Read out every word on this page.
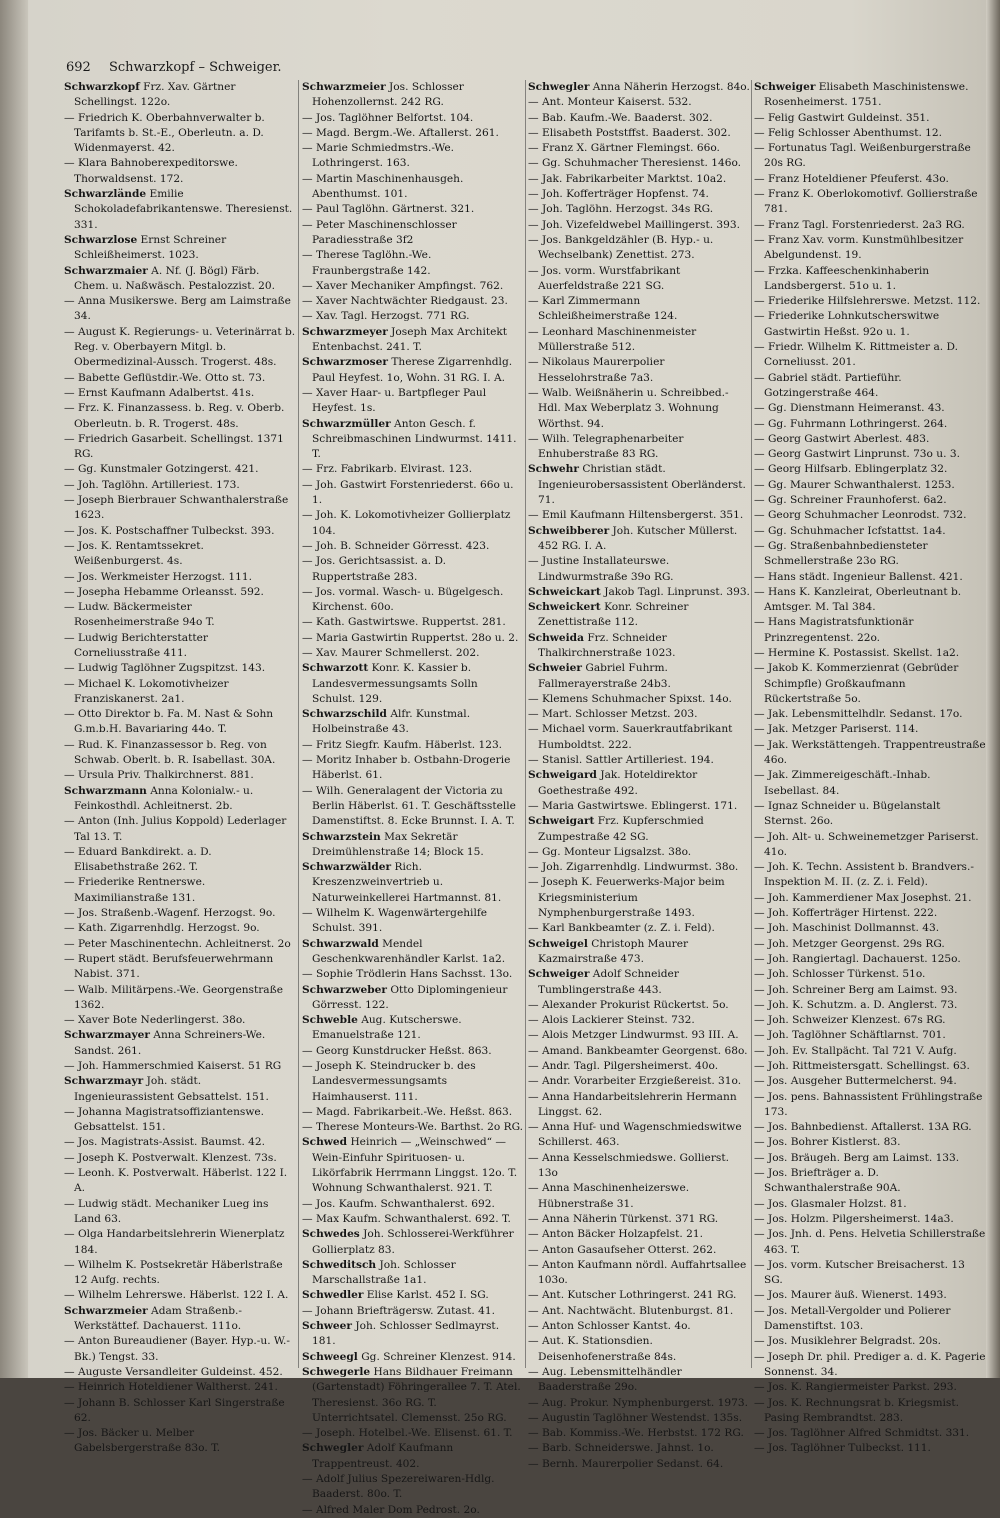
692 Schwarzkopf – Schweiger.

Schwarzkopf Frz. Xav. Gärtner Schellingst. 122o.

— Friedrich K. Oberbahnverwalter b. Tarifamts b. St.-E., Oberleutn. a. D. Widenmayerst. 42.

— Klara Bahnoberexpeditorswe. Thorwaldsenst. 172.

Schwarzlände Emilie Schokoladefabrikantenswe. Theresienst. 331.

Schwarzlose Ernst Schreiner Schleißheimerst. 1023.

Schwarzmaier A. Nf. (J. Bögl) Färb. Chem. u. Naßwäsch. Pestalozzist. 20.

— Anna Musikerswe. Berg am Laimstraße 34.

— August K. Regierungs- u. Veterinärrat b. Reg. v. Oberbayern Mitgl. b. Obermedizinal-Aussch. Trogerst. 48s.

— Babette Geflüstdir.-We. Otto st. 73.

— Ernst Kaufmann Adalbertst. 41s.

— Frz. K. Finanzassess. b. Reg. v. Oberb. Oberleutn. b. R. Trogerst. 48s.

— Friedrich Gasarbeit. Schellingst. 1371 RG.

— Gg. Kunstmaler Gotzingerst. 421.

— Joh. Taglöhn. Artilleriest. 173.

— Joseph Bierbrauer Schwanthalerstraße 1623.

— Jos. K. Postschaffner Tulbeckst. 393.

— Jos. K. Rentamtssekret. Weißenburgerst. 4s.

— Jos. Werkmeister Herzogst. 111.

— Josepha Hebamme Orleansst. 592.

— Ludw. Bäckermeister Rosenheimerstraße 94o T.

— Ludwig Berichterstatter Corneliusstraße 411.

— Ludwig Taglöhner Zugspitzst. 143.

— Michael K. Lokomotivheizer Franziskanerst. 2a1.

— Otto Direktor b. Fa. M. Nast & Sohn G.m.b.H. Bavariaring 44o. T.

— Rud. K. Finanzassessor b. Reg. von Schwab. Oberlt. b. R. Isabellast. 30A.

— Ursula Priv. Thalkirchnerst. 881.

Schwarzmann Anna Kolonialw.- u. Feinkosthdl. Achleitnerst. 2b.

— Anton (Inh. Julius Koppold) Lederlager Tal 13. T.

— Eduard Bankdirekt. a. D. Elisabethstraße 262. T.

— Friederike Rentnerswe. Maximilianstraße 131.

— Jos. Straßenb.-Wagenf. Herzogst. 9o.

— Kath. Zigarrenhdlg. Herzogst. 9o.

— Peter Maschinentechn. Achleitnerst. 2o

— Rupert städt. Berufsfeuerwehrmann Nabist. 371.

— Walb. Militärpens.-We. Georgenstraße 1362.

— Xaver Bote Nederlingerst. 38o.

Schwarzmayer Anna Schreiners-We. Sandst. 261.

— Joh. Hammerschmied Kaiserst. 51 RG

Schwarzmayr Joh. städt. Ingenieurassistent Gebsattelst. 151.

— Johanna Magistratsoffiziantenswe. Gebsattelst. 151.

— Jos. Magistrats-Assist. Baumst. 42.

— Joseph K. Postverwalt. Klenzest. 73s.

— Leonh. K. Postverwalt. Häberlst. 122 I. A.

— Ludwig städt. Mechaniker Lueg ins Land 63.

— Olga Handarbeitslehrerin Wienerplatz 184.

— Wilhelm K. Postsekretär Häberlstraße 12 Aufg. rechts.

— Wilhelm Lehrerswe. Häberlst. 122 I. A.

Schwarzmeier Adam Straßenb.-Werkstättef. Dachauerst. 111o.

— Anton Bureaudiener (Bayer. Hyp.-u. W.-Bk.) Tengst. 33.

— Auguste Versandleiter Guldeinst. 452.

— Heinrich Hoteldiener Waltherst. 241.

— Johann B. Schlosser Karl Singerstraße 62.

— Jos. Bäcker u. Melber Gabelsbergerstraße 83o. T.

Schwarzmeier Jos. Schlosser Hohenzollernst. 242 RG.

— Jos. Taglöhner Belfortst. 104.

— Magd. Bergm.-We. Aftallerst. 261.

— Marie Schmiedmstrs.-We. Lothringerst. 163.

— Martin Maschinenhausgeh. Abenthumst. 101.

— Paul Taglöhn. Gärtnerst. 321.

— Peter Maschinenschlosser Paradiesstraße 3f2

— Therese Taglöhn.-We. Fraunbergstraße 142.

— Xaver Mechaniker Ampfingst. 762.

— Xaver Nachtwächter Riedgaust. 23.

— Xav. Tagl. Herzogst. 771 RG.

Schwarzmeyer Joseph Max Architekt Entenbachst. 241. T.

Schwarzmoser Therese Zigarrenhdlg. Paul Heyfest. 1o, Wohn. 31 RG. I. A.

— Xaver Haar- u. Bartpfleger Paul Heyfest. 1s.

Schwarzmüller Anton Gesch. f. Schreibmaschinen Lindwurmst. 1411. T.

— Frz. Fabrikarb. Elvirast. 123.

— Joh. Gastwirt Forstenriederst. 66o u. 1.

— Joh. K. Lokomotivheizer Gollierplatz 104.

— Joh. B. Schneider Görresst. 423.

— Jos. Gerichtsassist. a. D. Ruppertstraße 283.

— Jos. vormal. Wasch- u. Bügelgesch. Kirchenst. 60o.

— Kath. Gastwirtswe. Ruppertst. 281.

— Maria Gastwirtin Ruppertst. 28o u. 2.

— Xav. Maurer Schmellerst. 202.

Schwarzott Konr. K. Kassier b. Landesvermessungsamts Solln Schulst. 129.

Schwarzschild Alfr. Kunstmal. Holbeinstraße 43.

— Fritz Siegfr. Kaufm. Häberlst. 123.

— Moritz Inhaber b. Ostbahn-Drogerie Häberlst. 61.

— Wilh. Generalagent der Victoria zu Berlin Häberlst. 61. T. Geschäftsstelle Damenstiftst. 8. Ecke Brunnst. I. A. T.

Schwarzstein Max Sekretär Dreimühlenstraße 14; Block 15.

Schwarzwälder Rich. Kreszenzweinvertrieb u. Naturweinkellerei Hartmannst. 81.

— Wilhelm K. Wagenwärtergehilfe Schulst. 391.

Schwarzwald Mendel Geschenkwarenhändler Karlst. 1a2.

— Sophie Trödlerin Hans Sachsst. 13o.

Schwarzweber Otto Diplomingenieur Görresst. 122.

Schweble Aug. Kutscherswe. Emanuelstraße 121.

— Georg Kunstdrucker Heßst. 863.

— Joseph K. Steindrucker b. des Landesvermessungsamts Haimhauserst. 111.

— Magd. Fabrikarbeit.-We. Heßst. 863.

— Therese Monteurs-We. Barthst. 2o RG.

Schwed Heinrich — „Weinschwed“ — Wein-Einfuhr Spirituosen- u. Likörfabrik Herrmann Linggst. 12o. T. Wohnung Schwanthalerst. 921. T.

— Jos. Kaufm. Schwanthalerst. 692.

— Max Kaufm. Schwanthalerst. 692. T.

Schwedes Joh. Schlosserei-Werkführer Gollierplatz 83.

Schweditsch Joh. Schlosser Marschallstraße 1a1.

Schwedler Elise Karlst. 452 I. SG.

— Johann Briefträgersw. Zutast. 41.

Schweer Joh. Schlosser Sedlmayrst. 181.

Schweegl Gg. Schreiner Klenzest. 914.

Schwegerle Hans Bildhauer Freimann (Gartenstadt) Föhringerallee 7. T. Atel. Theresienst. 36o RG. T. Unterrichtsatel. Clemensst. 25o RG.

— Joseph. Hotelbel.-We. Elisenst. 61. T.

Schwegler Adolf Kaufmann Trappentreust. 402.

— Adolf Julius Spezereiwaren-Hdlg. Baaderst. 80o. T.

— Alfred Maler Dom Pedrost. 2o.

Schwegler Anna Näherin Herzogst. 84o.

— Ant. Monteur Kaiserst. 532.

— Bab. Kaufm.-We. Baaderst. 302.

— Elisabeth Poststffst. Baaderst. 302.

— Franz X. Gärtner Flemingst. 66o.

— Gg. Schuhmacher Theresienst. 146o.

— Jak. Fabrikarbeiter Marktst. 10a2.

— Joh. Kofferträger Hopfenst. 74.

— Joh. Taglöhn. Herzogst. 34s RG.

— Joh. Vizefeldwebel Maillingerst. 393.

— Jos. Bankgeldzähler (B. Hyp.- u. Wechselbank) Zenettist. 273.

— Jos. vorm. Wurstfabrikant Auerfeldstraße 221 SG.

— Karl Zimmermann Schleißheimerstraße 124.

— Leonhard Maschinenmeister Müllerstraße 512.

— Nikolaus Maurerpolier Hesselohrstraße 7a3.

— Walb. Weißnäherin u. Schreibbed.-Hdl. Max Weberplatz 3. Wohnung Wörthst. 94.

— Wilh. Telegraphenarbeiter Enhuberstraße 83 RG.

Schwehr Christian städt. Ingenieurobersassistent Oberländerst. 71.

— Emil Kaufmann Hiltensbergerst. 351.

Schweibberer Joh. Kutscher Müllerst. 452 RG. I. A.

— Justine Installateurswe. Lindwurmstraße 39o RG.

Schweickart Jakob Tagl. Linprunst. 393.

Schweickert Konr. Schreiner Zenettistraße 112.

Schweida Frz. Schneider Thalkirchnerstraße 1023.

Schweier Gabriel Fuhrm. Fallmerayerstraße 24b3.

— Klemens Schuhmacher Spixst. 14o.

— Mart. Schlosser Metzst. 203.

— Michael vorm. Sauerkrautfabrikant Humboldtst. 222.

— Stanisl. Sattler Artilleriest. 194.

Schweigard Jak. Hoteldirektor Goethestraße 492.

— Maria Gastwirtswe. Eblingerst. 171.

Schweigart Frz. Kupferschmied Zumpestraße 42 SG.

— Gg. Monteur Ligsalzst. 38o.

— Joh. Zigarrenhdlg. Lindwurmst. 38o.

— Joseph K. Feuerwerks-Major beim Kriegsministerium Nymphenburgerstraße 1493.

— Karl Bankbeamter (z. Z. i. Feld).

Schweigel Christoph Maurer Kazmairstraße 473.

Schweiger Adolf Schneider Tumblingerstraße 443.

— Alexander Prokurist Rückertst. 5o.

— Alois Lackierer Steinst. 732.

— Alois Metzger Lindwurmst. 93 III. A.

— Amand. Bankbeamter Georgenst. 68o.

— Andr. Tagl. Pilgersheimerst. 40o.

— Andr. Vorarbeiter Erzgießereist. 31o.

— Anna Handarbeitslehrerin Hermann Linggst. 62.

— Anna Huf- und Wagenschmiedswitwe Schillerst. 463.

— Anna Kesselschmiedswe. Gollierst. 13o

— Anna Maschinenheizerswe. Hübnerstraße 31.

— Anna Näherin Türkenst. 371 RG.

— Anton Bäcker Holzapfelst. 21.

— Anton Gasaufseher Otterst. 262.

— Anton Kaufmann nördl. Auffahrtsallee 103o.

— Ant. Kutscher Lothringerst. 241 RG.

— Ant. Nachtwächt. Blutenburgst. 81.

— Anton Schlosser Kantst. 4o.

— Aut. K. Stationsdien. Deisenhofenerstraße 84s.

— Aug. Lebensmittelhändler Baaderstraße 29o.

— Aug. Prokur. Nymphenburgerst. 1973.

— Augustin Taglöhner Westendst. 135s.

— Bab. Kommiss.-We. Herbstst. 172 RG.

— Barb. Schneiderswe. Jahnst. 1o.

— Bernh. Maurerpolier Sedanst. 64.

Schweiger Elisabeth Maschinistenswe. Rosenheimerst. 1751.

— Felig Gastwirt Guldeinst. 351.

— Felig Schlosser Abenthumst. 12.

— Fortunatus Tagl. Weißenburgerstraße 20s RG.

— Franz Hoteldiener Pfeuferst. 43o.

— Franz K. Oberlokomotivf. Gollierstraße 781.

— Franz Tagl. Forstenriederst. 2a3 RG.

— Franz Xav. vorm. Kunstmühlbesitzer Abelgundenst. 19.

— Frzka. Kaffeeschenkinhaberin Landsbergerst. 51o u. 1.

— Friederike Hilfslehrerswe. Metzst. 112.

— Friederike Lohnkutscherswitwe Gastwirtin Heßst. 92o u. 1.

— Friedr. Wilhelm K. Rittmeister a. D. Corneliusst. 201.

— Gabriel städt. Partieführ. Gotzingerstraße 464.

— Gg. Dienstmann Heimeranst. 43.

— Gg. Fuhrmann Lothringerst. 264.

— Georg Gastwirt Aberlest. 483.

— Georg Gastwirt Linprunst. 73o u. 3.

— Georg Hilfsarb. Eblingerplatz 32.

— Gg. Maurer Schwanthalerst. 1253.

— Gg. Schreiner Fraunhoferst. 6a2.

— Georg Schuhmacher Leonrodst. 732.

— Gg. Schuhmacher Icfstattst. 1a4.

— Gg. Straßenbahnbediensteter Schmellerstraße 23o RG.

— Hans städt. Ingenieur Ballenst. 421.

— Hans K. Kanzleirat, Oberleutnant b. Amtsger. M. Tal 384.

— Hans Magistratsfunktionär Prinzregentenst. 22o.

— Hermine K. Postassist. Skellst. 1a2.

— Jakob K. Kommerzienrat (Gebrüder Schimpfle) Großkaufmann Rückertstraße 5o.

— Jak. Lebensmittelhdlr. Sedanst. 17o.

— Jak. Metzger Pariserst. 114.

— Jak. Werkstättengeh. Trappentreustraße 46o.

— Jak. Zimmereigeschäft.-Inhab. Isebellast. 84.

— Ignaz Schneider u. Bügelanstalt Sternst. 26o.

— Joh. Alt- u. Schweinemetzger Pariserst. 41o.

— Joh. K. Techn. Assistent b. Brandvers.-Inspektion M. II. (z. Z. i. Feld).

— Joh. Kammerdiener Max Josephst. 21.

— Joh. Kofferträger Hirtenst. 222.

— Joh. Maschinist Dollmannst. 43.

— Joh. Metzger Georgenst. 29s RG.

— Joh. Rangiertagl. Dachauerst. 125o.

— Joh. Schlosser Türkenst. 51o.

— Joh. Schreiner Berg am Laimst. 93.

— Joh. K. Schutzm. a. D. Anglerst. 73.

— Joh. Schweizer Klenzest. 67s RG.

— Joh. Taglöhner Schäftlarnst. 701.

— Joh. Ev. Stallpächt. Tal 721 V. Aufg.

— Joh. Rittmeistersgatt. Schellingst. 63.

— Jos. Ausgeher Buttermelcherst. 94.

— Jos. pens. Bahnassistent Frühlingstraße 173.

— Jos. Bahnbedienst. Aftallerst. 13A RG.

— Jos. Bohrer Kistlerst. 83.

— Jos. Bräugeh. Berg am Laimst. 133.

— Jos. Briefträger a. D. Schwanthalerstraße 90A.

— Jos. Glasmaler Holzst. 81.

— Jos. Holzm. Pilgersheimerst. 14a3.

— Jos. Jnh. d. Pens. Helvetia Schillerstraße 463. T.

— Jos. vorm. Kutscher Breisacherst. 13 SG.

— Jos. Maurer äuß. Wienerst. 1493.

— Jos. Metall-Vergolder und Polierer Damenstiftst. 103.

— Jos. Musiklehrer Belgradst. 20s.

— Joseph Dr. phil. Prediger a. d. K. Pagerie Sonnenst. 34.

— Jos. K. Rangiermeister Parkst. 293.

— Jos. K. Rechnungsrat b. Kriegsmist. Pasing Rembrandtst. 283.

— Jos. Taglöhner Alfred Schmidtst. 331.

— Jos. Taglöhner Tulbeckst. 111.
